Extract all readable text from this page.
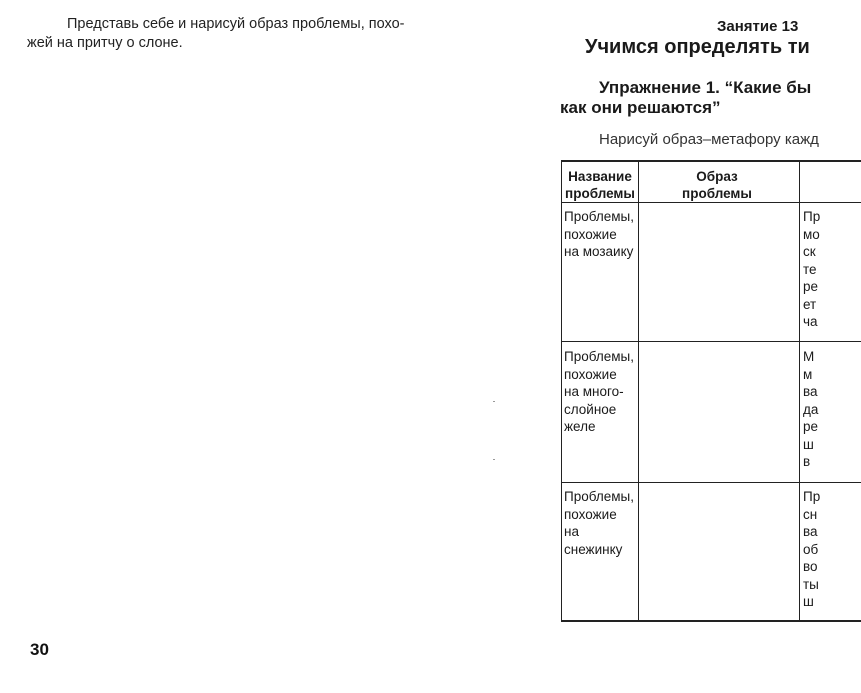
Представь себе и нарисуй образ проблемы, похо-
жей на притчу о слоне.
30
Занятие 13
Учимся определять ти
Упражнение 1. “Какие бы
как они решаются”
Нарисуй образ–метафору кажд
Название
проблемы
Образ
проблемы
Проблемы,
похожие
на мозаику
Проблемы,
похожие
на много-
слойное
желе
Проблемы,
похожие
на
снежинку
Пр
мо
ск
те
ре
ет
ча
М
м
ва
да
ре
ш
в
Пр
сн
ва
об
во
ты
ш
